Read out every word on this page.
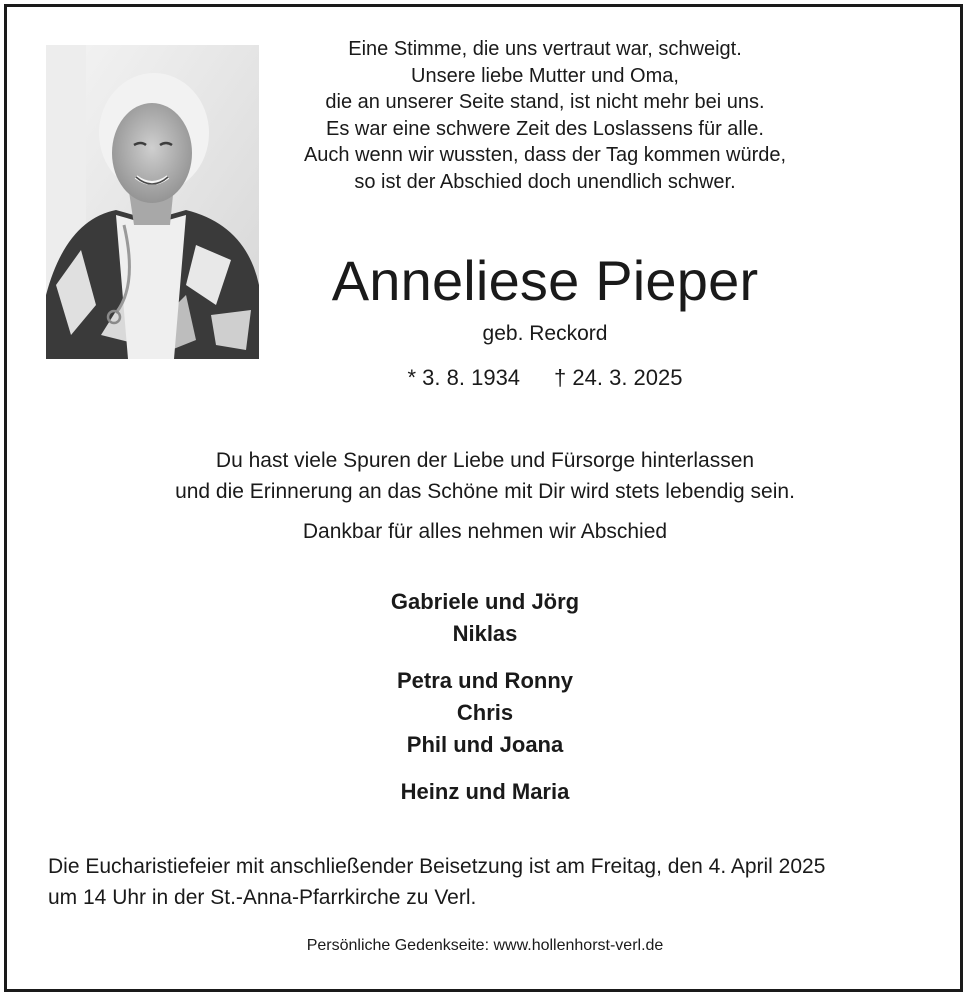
Eine Stimme, die uns vertraut war, schweigt.
Unsere liebe Mutter und Oma,
die an unserer Seite stand, ist nicht mehr bei uns.
Es war eine schwere Zeit des Loslassens für alle.
Auch wenn wir wussten, dass der Tag kommen würde,
so ist der Abschied doch unendlich schwer.
Anneliese Pieper
geb. Reckord
* 3. 8. 1934 † 24. 3. 2025
Du hast viele Spuren der Liebe und Fürsorge hinterlassen
und die Erinnerung an das Schöne mit Dir wird stets lebendig sein.
Dankbar für alles nehmen wir Abschied
Gabriele und Jörg
Niklas
Petra und Ronny
Chris
Phil und Joana
Heinz und Maria
Die Eucharistiefeier mit anschließender Beisetzung ist am Freitag, den 4. April 2025
um 14 Uhr in der St.-Anna-Pfarrkirche zu Verl.
Persönliche Gedenkseite: www.hollenhorst-verl.de
